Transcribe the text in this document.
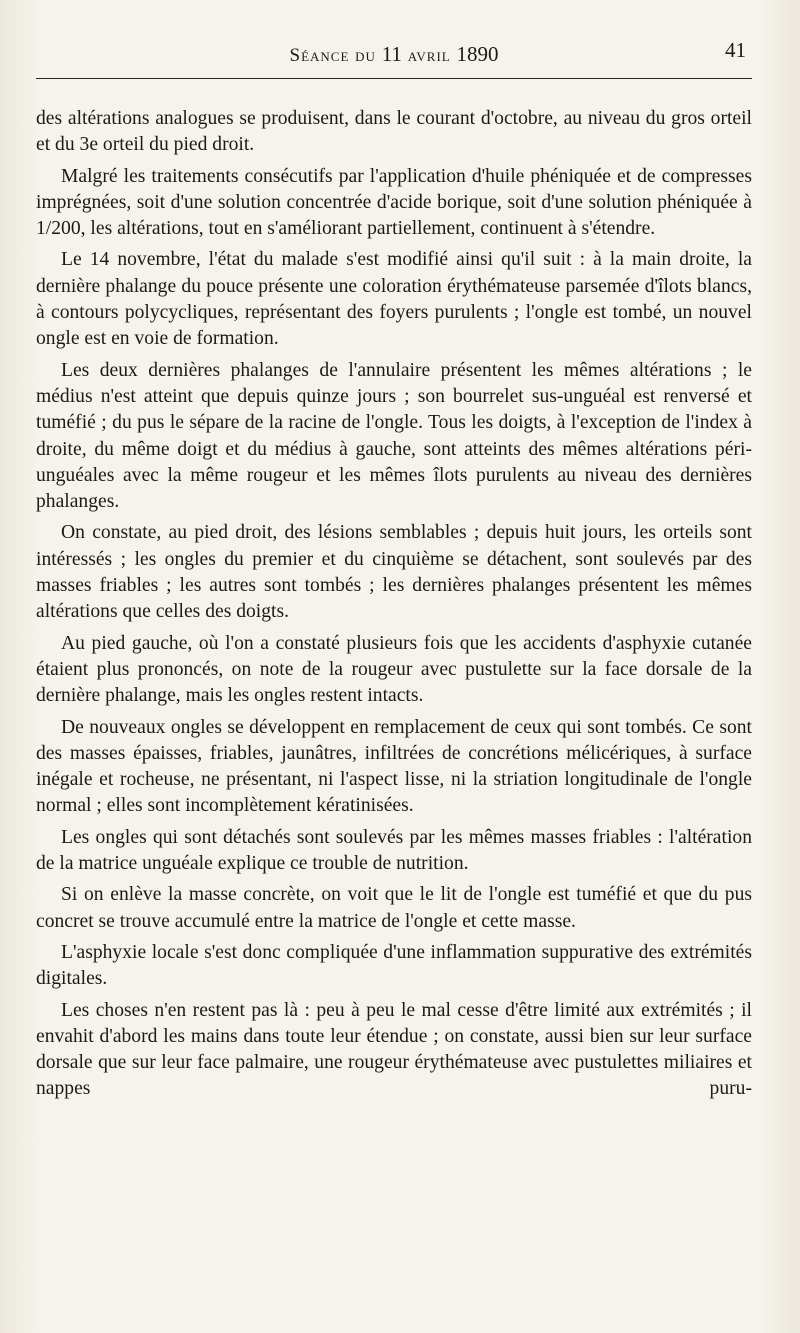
Séance du 11 avril 1890	41

des altérations analogues se produisent, dans le courant d'octobre, au niveau du gros orteil et du 3e orteil du pied droit.

Malgré les traitements consécutifs par l'application d'huile phéniquée et de compresses imprégnées, soit d'une solution concentrée d'acide borique, soit d'une solution phéniquée à 1/200, les altérations, tout en s'améliorant partiellement, continuent à s'étendre.

Le 14 novembre, l'état du malade s'est modifié ainsi qu'il suit : à la main droite, la dernière phalange du pouce présente une coloration érythémateuse parsemée d'îlots blancs, à contours polycycliques, représentant des foyers purulents ; l'ongle est tombé, un nouvel ongle est en voie de formation.

Les deux dernières phalanges de l'annulaire présentent les mêmes altérations ; le médius n'est atteint que depuis quinze jours ; son bourrelet sus-unguéal est renversé et tuméfié ; du pus le sépare de la racine de l'ongle. Tous les doigts, à l'exception de l'index à droite, du même doigt et du médius à gauche, sont atteints des mêmes altérations péri-unguéales avec la même rougeur et les mêmes îlots purulents au niveau des dernières phalanges.

On constate, au pied droit, des lésions semblables ; depuis huit jours, les orteils sont intéressés ; les ongles du premier et du cinquième se détachent, sont soulevés par des masses friables ; les autres sont tombés ; les dernières phalanges présentent les mêmes altérations que celles des doigts.

Au pied gauche, où l'on a constaté plusieurs fois que les accidents d'asphyxie cutanée étaient plus prononcés, on note de la rougeur avec pustulette sur la face dorsale de la dernière phalange, mais les ongles restent intacts.

De nouveaux ongles se développent en remplacement de ceux qui sont tombés. Ce sont des masses épaisses, friables, jaunâtres, infiltrées de concrétions mélicériques, à surface inégale et rocheuse, ne présentant, ni l'aspect lisse, ni la striation longitudinale de l'ongle normal ; elles sont incomplètement kératinisées.

Les ongles qui sont détachés sont soulevés par les mêmes masses friables : l'altération de la matrice unguéale explique ce trouble de nutrition.

Si on enlève la masse concrète, on voit que le lit de l'ongle est tuméfié et que du pus concret se trouve accumulé entre la matrice de l'ongle et cette masse.

L'asphyxie locale s'est donc compliquée d'une inflammation suppurative des extrémités digitales.

Les choses n'en restent pas là : peu à peu le mal cesse d'être limité aux extrémités ; il envahit d'abord les mains dans toute leur étendue ; on constate, aussi bien sur leur surface dorsale que sur leur face palmaire, une rougeur érythémateuse avec pustulettes miliaires et nappes puru-
